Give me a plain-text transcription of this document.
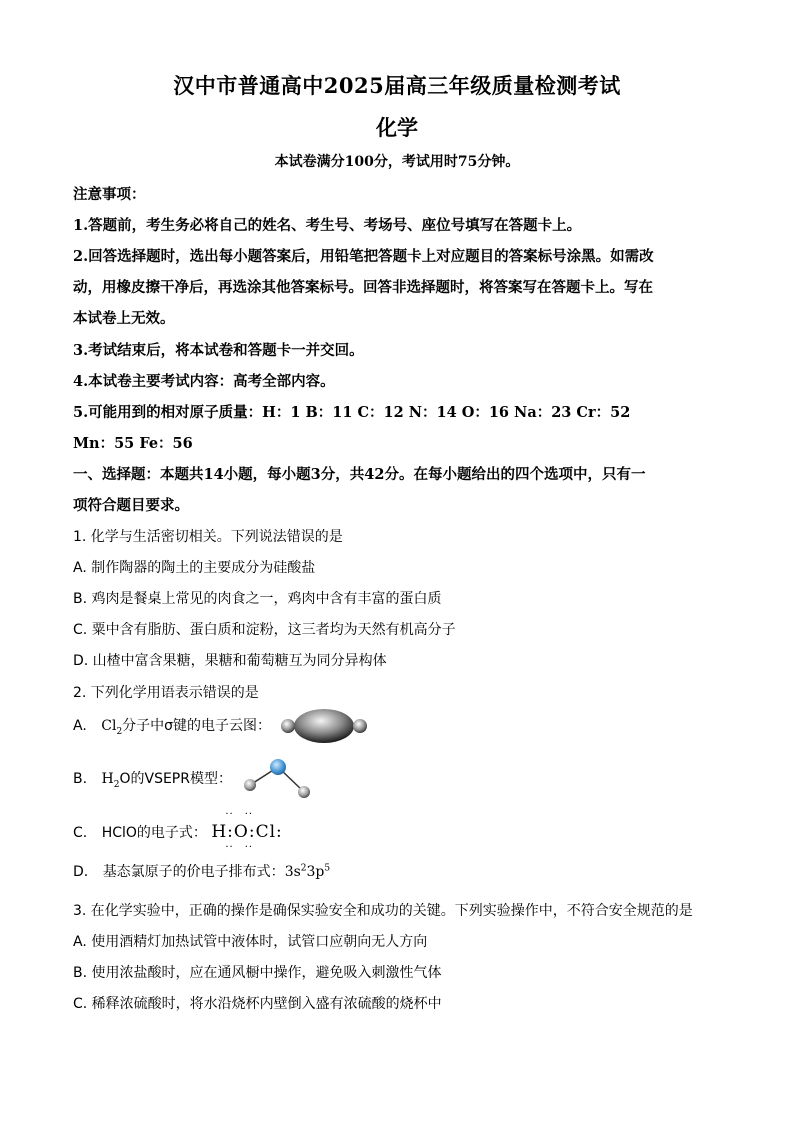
汉中市普通高中2025届高三年级质量检测考试
化学
本试卷满分100分，考试用时75分钟。
注意事项：
1.答题前，考生务必将自己的姓名、考生号、考场号、座位号填写在答题卡上。
2.回答选择题时，选出每小题答案后，用铅笔把答题卡上对应题目的答案标号涂黑。如需改
动，用橡皮擦干净后，再选涂其他答案标号。回答非选择题时，将答案写在答题卡上。写在
本试卷上无效。
3.考试结束后，将本试卷和答题卡一并交回。
4.本试卷主要考试内容：高考全部内容。
5.可能用到的相对原子质量：H：1 B：11 C：12 N：14 O：16 Na：23 Cr：52
Mn：55 Fe：56
一、选择题：本题共14小题，每小题3分，共42分。在每小题给出的四个选项中，只有一
项符合题目要求。
1. 化学与生活密切相关。下列说法错误的是
A. 制作陶器的陶土的主要成分为硅酸盐
B. 鸡肉是餐桌上常见的肉食之一，鸡肉中含有丰富的蛋白质
C. 粟中含有脂肪、蛋白质和淀粉，这三者均为天然有机高分子
D. 山楂中富含果糖，果糖和葡萄糖互为同分异构体
2. 下列化学用语表示错误的是
A. $Cl_2$分子中σ键的电子云图：
B. $H_2O$的VSEPR模型：
C. HClO的电子式：
  ·· ··
H:O:Cl:
  ·· ··
D. 基态氯原子的价电子排布式：$3s^23p^5$
3. 在化学实验中，正确的操作是确保实验安全和成功的关键。下列实验操作中，不符合安全规范的是
A. 使用酒精灯加热试管中液体时，试管口应朝向无人方向
B. 使用浓盐酸时，应在通风橱中操作，避免吸入刺激性气体
C. 稀释浓硫酸时，将水沿烧杯内壁倒入盛有浓硫酸的烧杯中
